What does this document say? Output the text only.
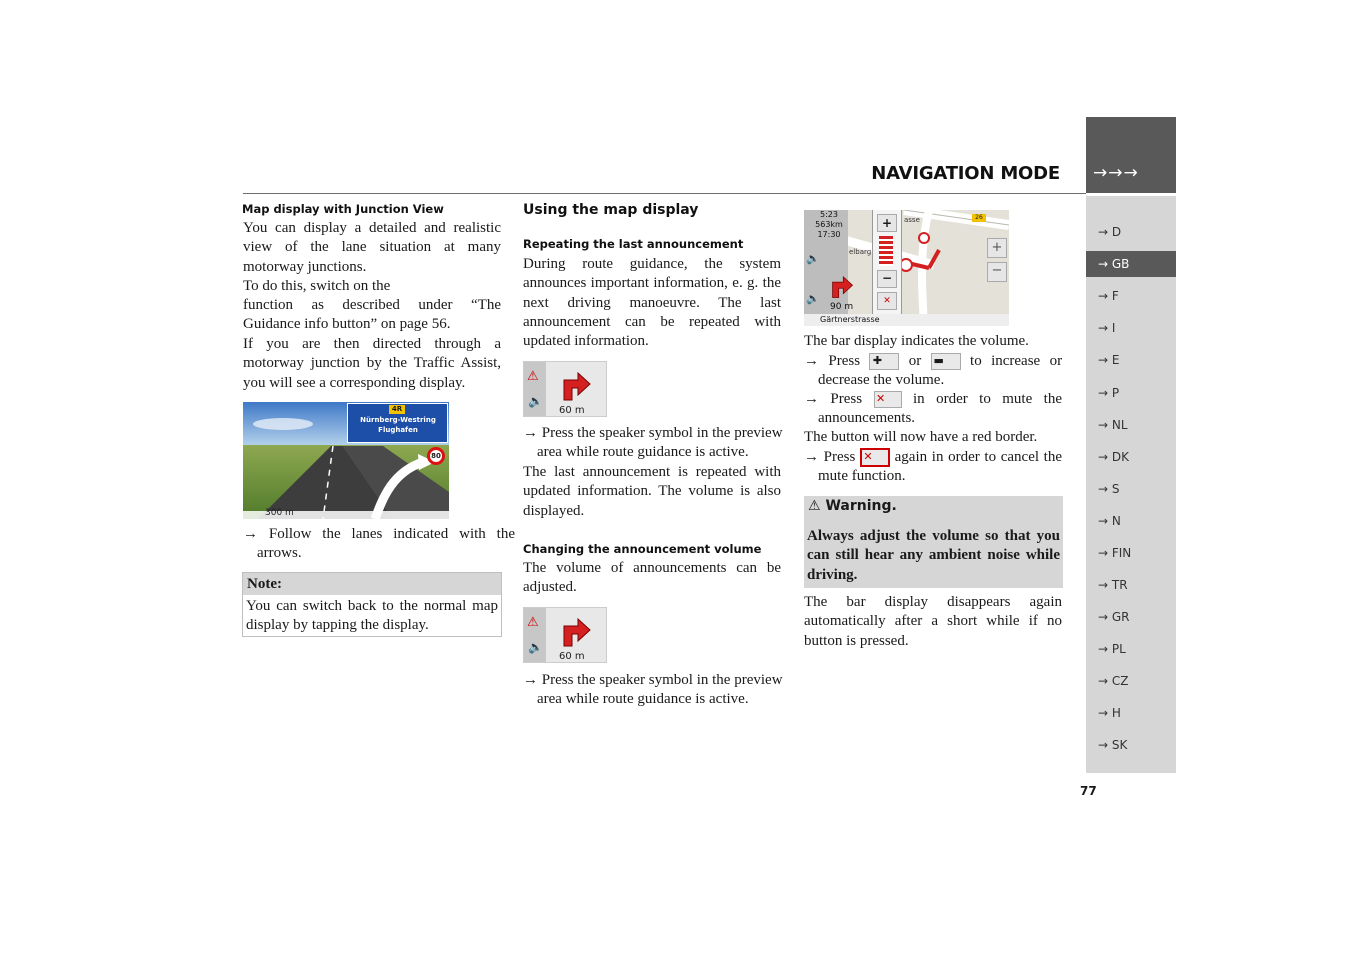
→→→
NAVIGATION MODE
→ D
→ GB
→ F
→ I
→ E
→ P
→ NL
→ DK
→ S
→ N
→ FIN
→ TR
→ GR
→ PL
→ CZ
→ H
→ SK
77
Map display with Junction View
You can display a detailed and realistic view of the lane situation at many motorway junctions.
To do this, switch on the
function as described under “The Guidance info button” on page 56.
If you are then directed through a motorway junction by the Traffic Assist, you will see a corresponding display.
4R
Nürnberg-Westring
Flughafen
80
300 m
→ Follow the lanes indicated with the arrows.
Note:
You can switch back to the normal map display by tapping the display.
Using the map display
Repeating the last announcement
During route guidance, the system announces important information, e. g. the next driving manoeuvre. The last announcement can be repeated with updated information.
⚠
🔈
60 m
→ Press the speaker symbol in the preview area while route guidance is active.
The last announcement is repeated with updated information. The volume is also displayed.
Changing the announcement volume
The volume of announcements can be adjusted.
⚠
🔈
60 m
→ Press the speaker symbol in the preview area while route guidance is active.
5:23
563km
17:30
🔈
🔈
90 m
Gärtnerstrasse
26
asse
elbarg
+
−
✕
+
−
The bar display indicates the volume.
→ Press ✚ or ▬ to increase or decrease the volume.
→ Press ✕ in order to mute the announcements.
The button will now have a red border.
→ Press ✕ again in order to cancel the mute function.
⚠ Warning.
Always adjust the volume so that you can still hear any ambient noise while driving.
The bar display disappears again automatically after a short while if no button is pressed.
